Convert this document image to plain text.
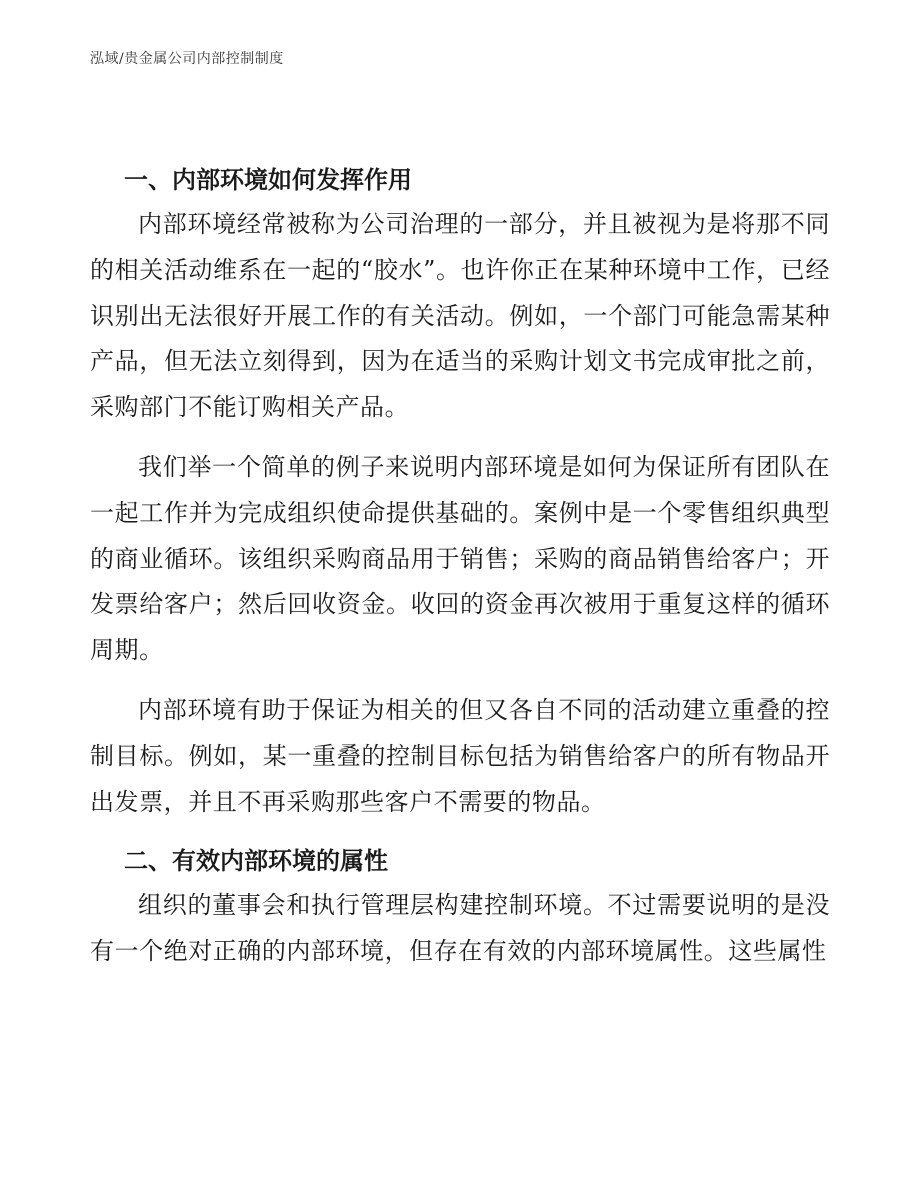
泓域/贵金属公司内部控制制度
一、内部环境如何发挥作用

内部环境经常被称为公司治理的一部分，并且被视为是将那不同的相关活动维系在一起的“胶水”。也许你正在某种环境中工作，已经识别出无法很好开展工作的有关活动。例如，一个部门可能急需某种产品，但无法立刻得到，因为在适当的采购计划文书完成审批之前，采购部门不能订购相关产品。

我们举一个简单的例子来说明内部环境是如何为保证所有团队在一起工作并为完成组织使命提供基础的。案例中是一个零售组织典型的商业循环。该组织采购商品用于销售；采购的商品销售给客户；开发票给客户；然后回收资金。收回的资金再次被用于重复这样的循环周期。

内部环境有助于保证为相关的但又各自不同的活动建立重叠的控制目标。例如，某一重叠的控制目标包括为销售给客户的所有物品开出发票，并且不再采购那些客户不需要的物品。

二、有效内部环境的属性

组织的董事会和执行管理层构建控制环境。不过需要说明的是没有一个绝对正确的内部环境，但存在有效的内部环境属性。这些属性
